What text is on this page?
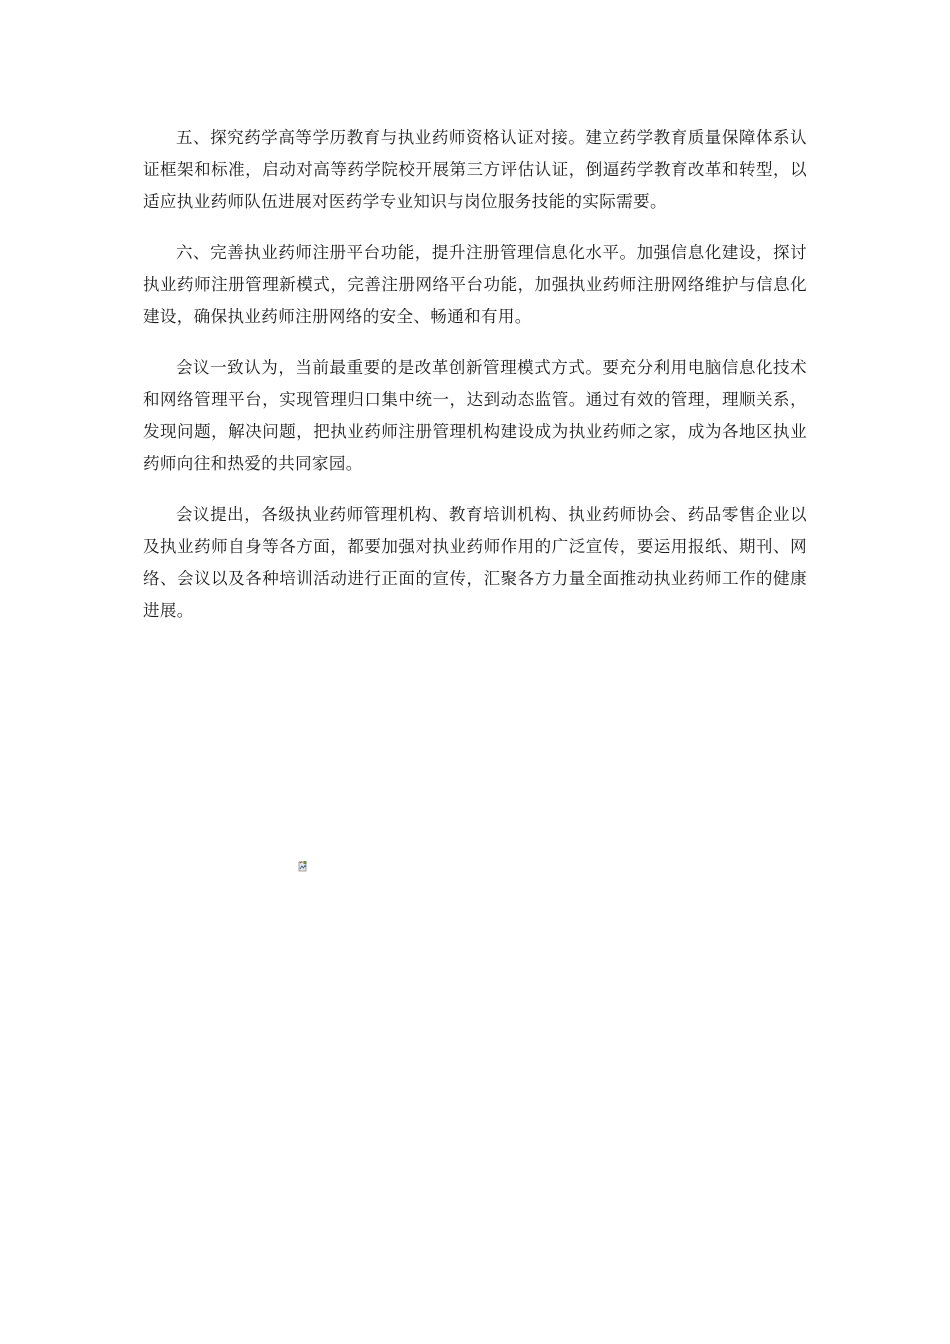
五、探究药学高等学历教育与执业药师资格认证对接。建立药学教育质量保障体系认证框架和标准，启动对高等药学院校开展第三方评估认证，倒逼药学教育改革和转型，以适应执业药师队伍进展对医药学专业知识与岗位服务技能的实际需要。

六、完善执业药师注册平台功能，提升注册管理信息化水平。加强信息化建设，探讨执业药师注册管理新模式，完善注册网络平台功能，加强执业药师注册网络维护与信息化建设，确保执业药师注册网络的安全、畅通和有用。

会议一致认为，当前最重要的是改革创新管理模式方式。要充分利用电脑信息化技术和网络管理平台，实现管理归口集中统一，达到动态监管。通过有效的管理，理顺关系，发现问题，解决问题，把执业药师注册管理机构建设成为执业药师之家，成为各地区执业药师向往和热爱的共同家园。

会议提出，各级执业药师管理机构、教育培训机构、执业药师协会、药品零售企业以及执业药师自身等各方面，都要加强对执业药师作用的广泛宣传，要运用报纸、期刊、网络、会议以及各种培训活动进行正面的宣传，汇聚各方力量全面推动执业药师工作的健康进展。
